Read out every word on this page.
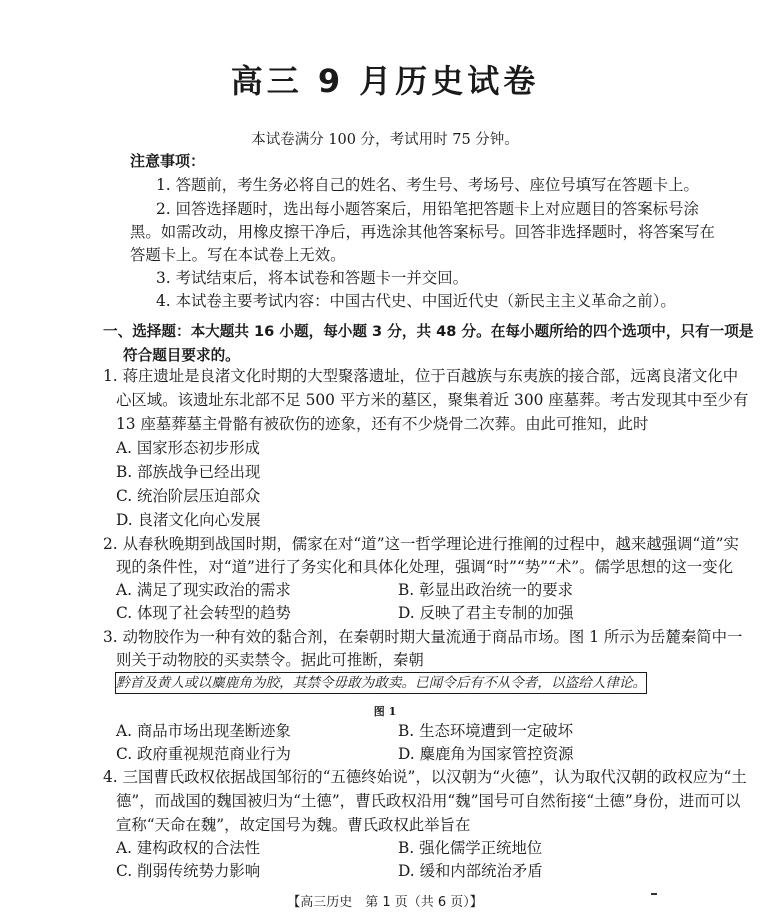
高三 9 月历史试卷
本试卷满分 100 分，考试用时 75 分钟。
注意事项：
1. 答题前，考生务必将自己的姓名、考生号、考场号、座位号填写在答题卡上。
2. 回答选择题时，选出每小题答案后，用铅笔把答题卡上对应题目的答案标号涂
黑。如需改动，用橡皮擦干净后，再选涂其他答案标号。回答非选择题时，将答案写在
答题卡上。写在本试卷上无效。
3. 考试结束后，将本试卷和答题卡一并交回。
4. 本试卷主要考试内容：中国古代史、中国近代史（新民主主义革命之前）。
一、选择题：本大题共 16 小题，每小题 3 分，共 48 分。在每小题所给的四个选项中，只有一项是
符合题目要求的。
1. 蒋庄遗址是良渚文化时期的大型聚落遗址，位于百越族与东夷族的接合部，远离良渚文化中
心区域。该遗址东北部不足 500 平方米的墓区，聚集着近 300 座墓葬。考古发现其中至少有
13 座墓葬墓主骨骼有被砍伤的迹象，还有不少烧骨二次葬。由此可推知，此时
A. 国家形态初步形成
B. 部族战争已经出现
C. 统治阶层压迫部众
D. 良渚文化向心发展
2. 从春秋晚期到战国时期，儒家在对“道”这一哲学理论进行推阐的过程中，越来越强调“道”实
现的条件性，对“道”进行了务实化和具体化处理，强调“时”“势”“术”。儒学思想的这一变化
A. 满足了现实政治的需求	B. 彰显出政治统一的要求
C. 体现了社会转型的趋势	D. 反映了君主专制的加强
3. 动物胶作为一种有效的黏合剂，在秦朝时期大量流通于商品市场。图 1 所示为岳麓秦简中一
则关于动物胶的买卖禁令。据此可推断，秦朝
黔首及黄人或以麋鹿角为胶，其禁令毋敢为敢卖。已闻令后有不从令者，以盗给人律论。
图 1
A. 商品市场出现垄断迹象	B. 生态环境遭到一定破坏
C. 政府重视规范商业行为	D. 麋鹿角为国家管控资源
4. 三国曹氏政权依据战国邹衍的“五德终始说”，以汉朝为“火德”，认为取代汉朝的政权应为“土
德”，而战国的魏国被归为“土德”，曹氏政权沿用“魏”国号可自然衔接“土德”身份，进而可以
宣称“天命在魏”，故定国号为魏。曹氏政权此举旨在
A. 建构政权的合法性	B. 强化儒学正统地位
C. 削弱传统势力影响	D. 缓和内部统治矛盾
【高三历史　第 1 页（共 6 页）】
